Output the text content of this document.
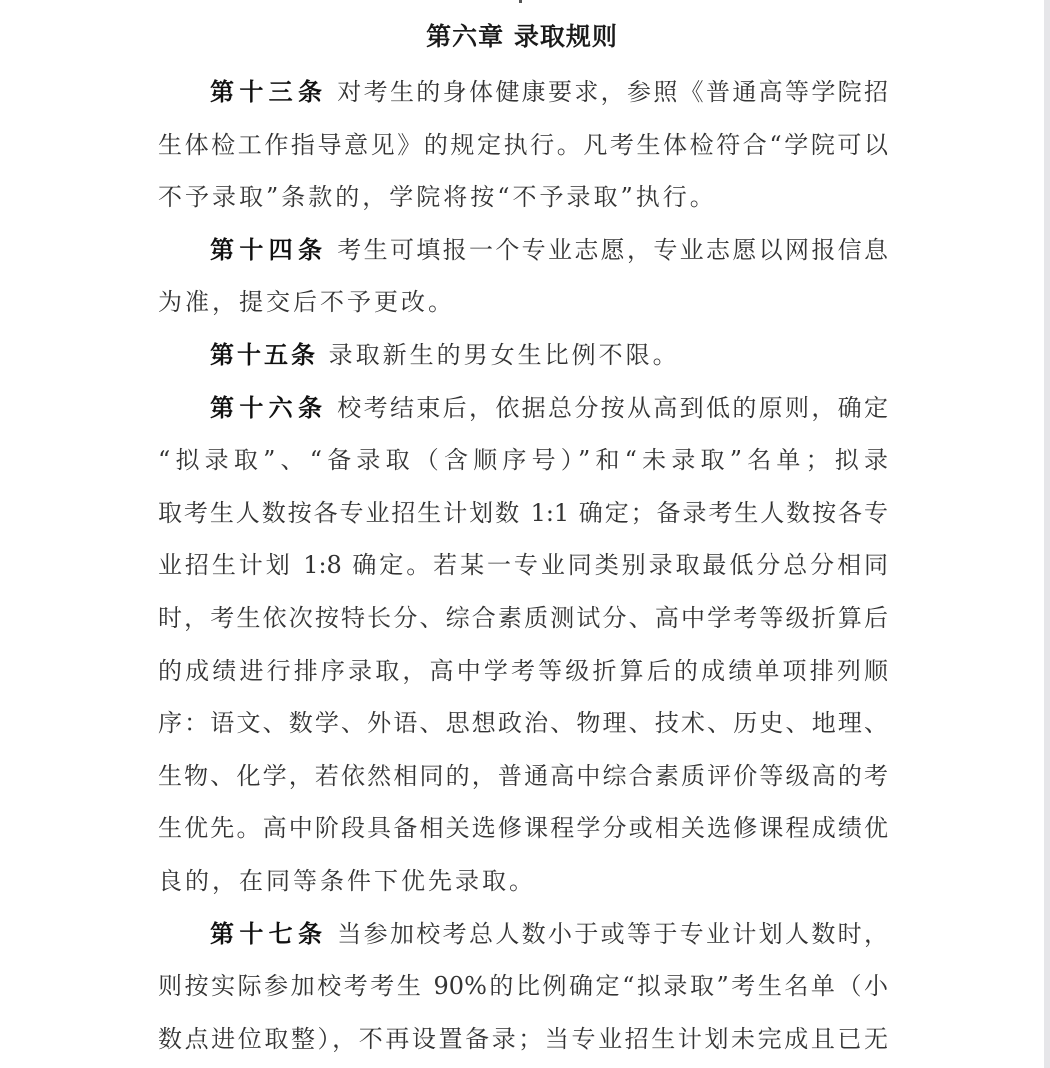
第六章 录取规则
第十三条 对考生的身体健康要求，参照《普通高等学院招
生体检工作指导意见》的规定执行。凡考生体检符合“学院可以
不予录取”条款的，学院将按“不予录取”执行。
第十四条 考生可填报一个专业志愿，专业志愿以网报信息
为准，提交后不予更改。
第十五条 录取新生的男女生比例不限。
第十六条 校考结束后，依据总分按从高到低的原则，确定
“拟录取”、“备录取（含顺序号）”和“未录取”名单；拟录
取考生人数按各专业招生计划数 1:1 确定；备录考生人数按各专
业招生计划 1:8 确定。若某一专业同类别录取最低分总分相同
时，考生依次按特长分、综合素质测试分、高中学考等级折算后
的成绩进行排序录取，高中学考等级折算后的成绩单项排列顺
序：语文、数学、外语、思想政治、物理、技术、历史、地理、
生物、化学，若依然相同的，普通高中综合素质评价等级高的考
生优先。高中阶段具备相关选修课程学分或相关选修课程成绩优
良的，在同等条件下优先录取。
第十七条 当参加校考总人数小于或等于专业计划人数时，
则按实际参加校考考生 90%的比例确定“拟录取”考生名单（小
数点进位取整），不再设置备录；当专业招生计划未完成且已无
